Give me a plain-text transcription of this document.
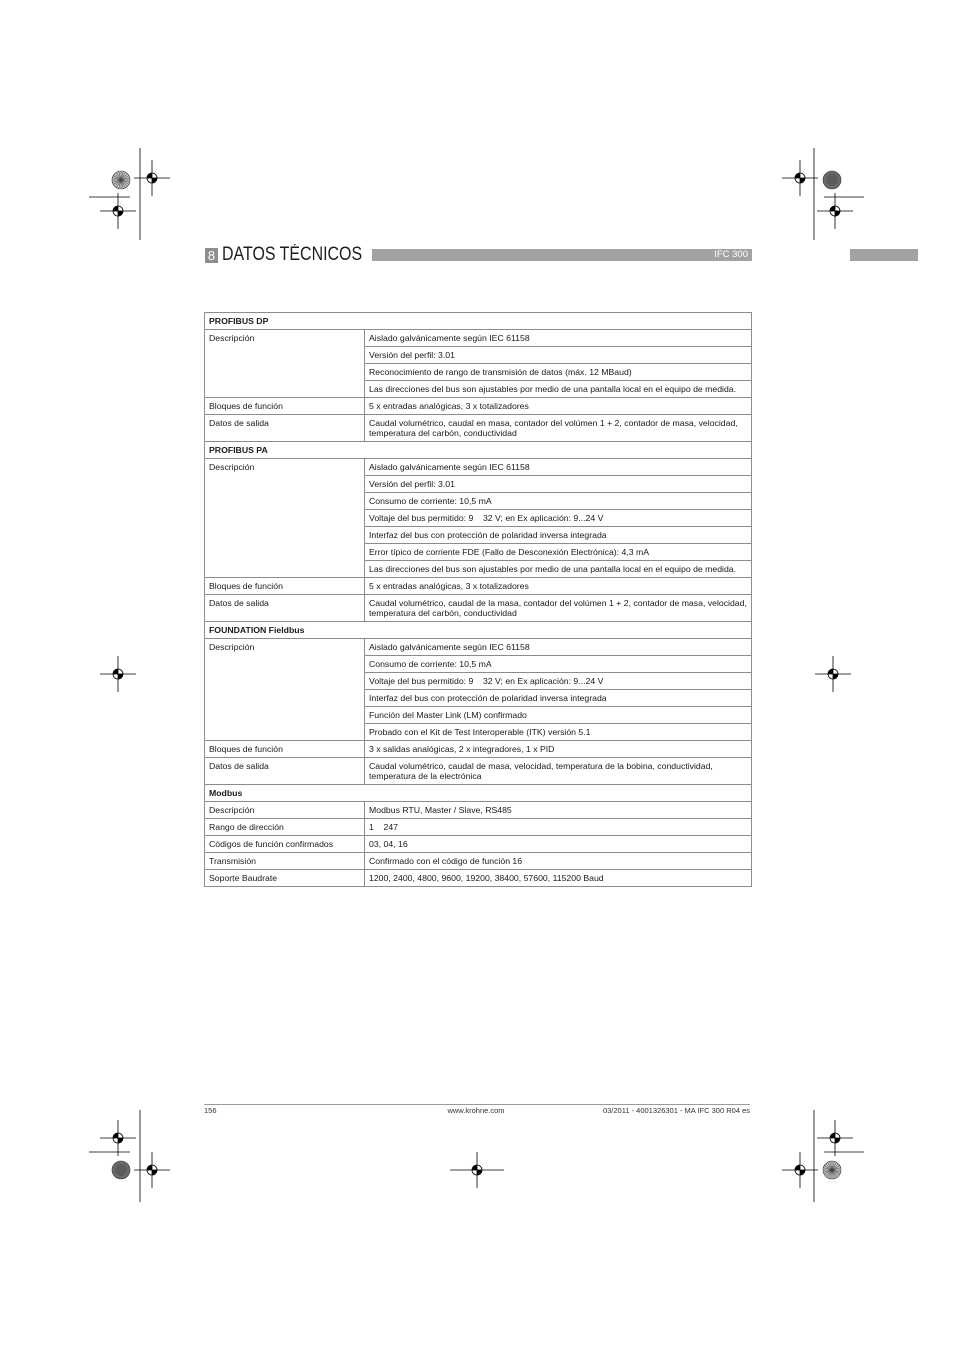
8 DATOS TÉCNICOS	IFC 300
PROFIBUS DP	
Descripción	Aislado galvánicamente según IEC 61158
	Versión del perfil: 3.01
	Reconocimiento de rango de transmisión de datos (máx. 12 MBaud)
	Las direcciones del bus son ajustables por medio de una pantalla local en el equipo de medida.
Bloques de función	5 x entradas analógicas, 3 x totalizadores
Datos de salida	Caudal volumétrico, caudal en masa, contador del volúmen 1 + 2, contador de masa, velocidad, temperatura del carbón, conductividad
PROFIBUS PA	
Descripción	Aislado galvánicamente según IEC 61158
	Versión del perfil: 3.01
	Consumo de corriente: 10,5 mA
	Voltaje del bus permitido: 9    32 V; en Ex aplicación: 9...24 V
	Interfaz del bus con protección de polaridad inversa integrada
	Error típico de corriente FDE (Fallo de Desconexión Electrónica): 4,3 mA
	Las direcciones del bus son ajustables por medio de una pantalla local en el equipo de medida.
Bloques de función	5 x entradas analógicas, 3 x totalizadores
Datos de salida	Caudal volumétrico, caudal de la masa, contador del volúmen 1 + 2, contador de masa, velocidad, temperatura del carbón, conductividad
FOUNDATION Fieldbus	
Descripción	Aislado galvánicamente según IEC 61158
	Consumo de corriente: 10,5 mA
	Voltaje del bus permitido: 9    32 V; en Ex aplicación: 9...24 V
	Interfaz del bus con protección de polaridad inversa integrada
	Función del Master Link (LM) confirmado
	Probado con el Kit de Test Interoperable (ITK) versión 5.1
Bloques de función	3 x salidas analógicas, 2 x integradores, 1 x PID
Datos de salida	Caudal volumétrico, caudal de masa, velocidad, temperatura de la bobina, conductividad, temperatura de la electrónica
Modbus	
Descripción	Modbus RTU, Master / Slave, RS485
Rango de dirección	1    247
Códigos de función confirmados	03, 04, 16
Transmisión	Confirmado con el código de función 16
Soporte Baudrate	1200, 2400, 4800, 9600, 19200, 38400, 57600, 115200 Baud
156	www.krohne.com	03/2011 - 4001326301 - MA IFC 300 R04 es
